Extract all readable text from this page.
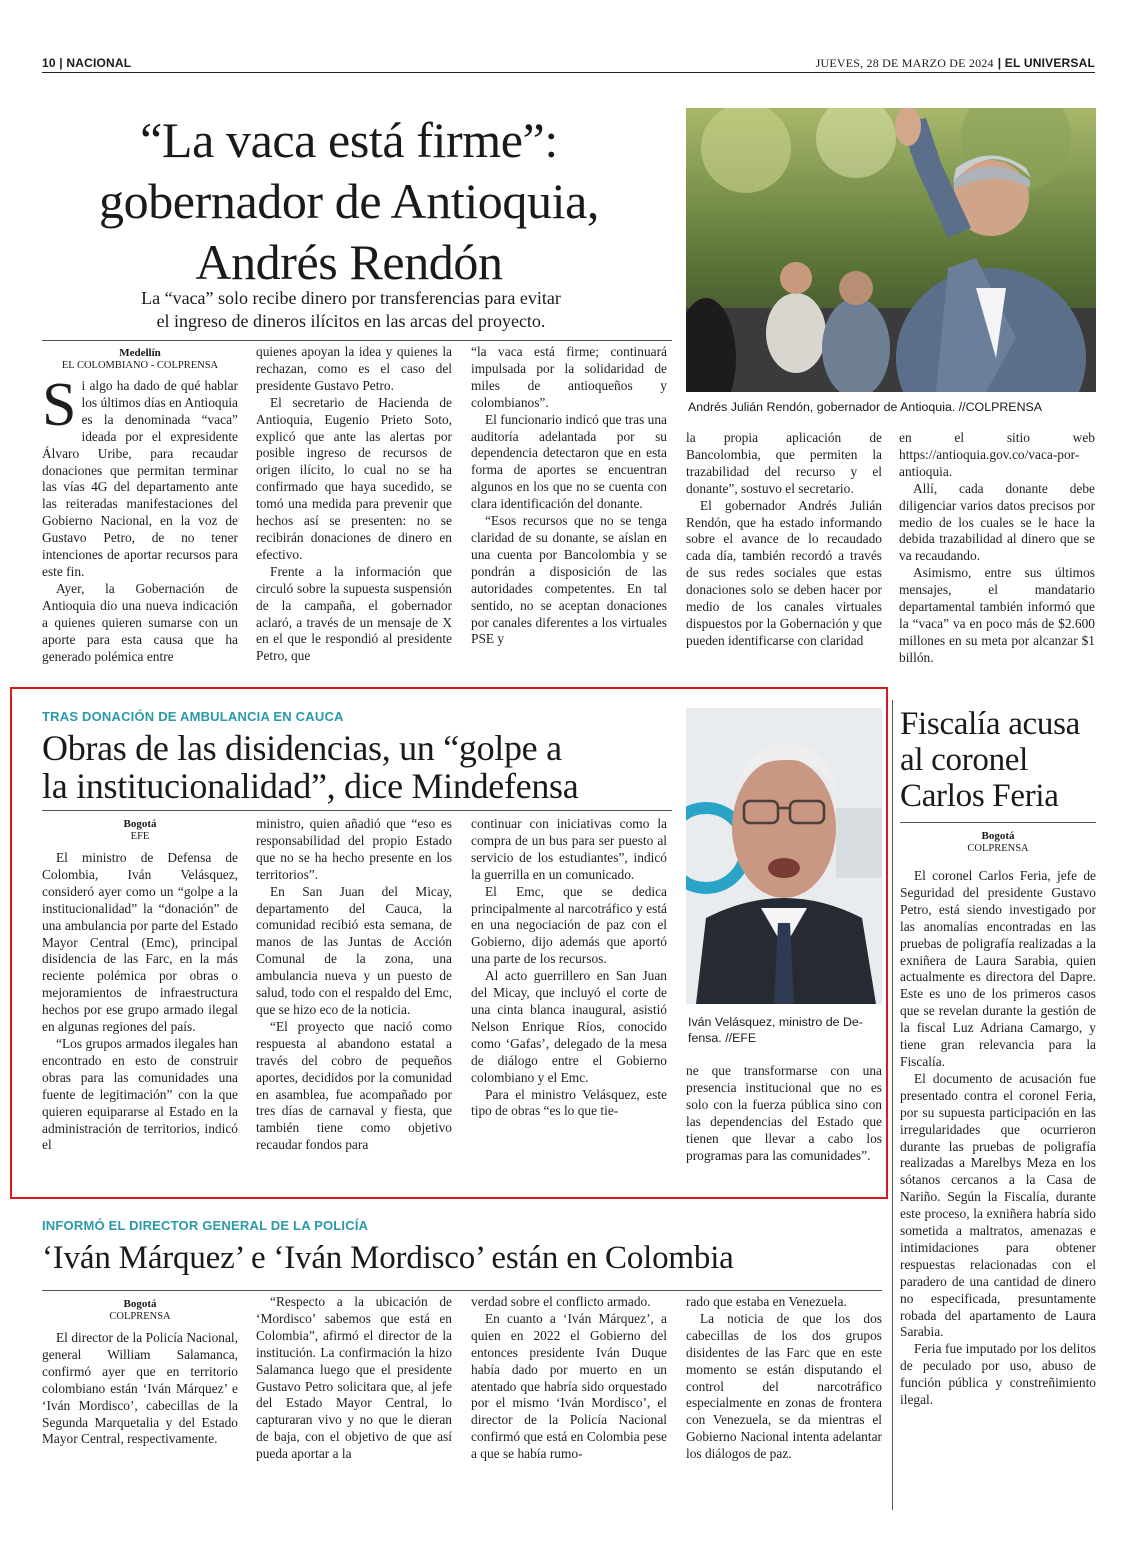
10 | NACIONAL	JUEVES, 28 DE MARZO DE 2024 | EL UNIVERSAL
“La vaca está firme”:
gobernador de Antioquia,
Andrés Rendón
La “vaca” solo recibe dinero por transferencias para evitar
el ingreso de dineros ilícitos en las arcas del proyecto.
Andrés Julián Rendón, gobernador de Antioquia. //COLPRENSA
Medellín
EL COLOMBIANO - COLPRENSA

Si algo ha dado de qué hablar los últimos días en Antioquia es la denominada “vaca” ideada por el expresidente Álvaro Uribe, para recaudar donaciones que permitan terminar las vías 4G del departamento ante las reiteradas manifestaciones del Gobierno Nacional, en la voz de Gustavo Petro, de no tener intenciones de aportar recursos para este fin.

Ayer, la Gobernación de Antioquia dio una nueva indicación a quienes quieren sumarse con un aporte para esta causa que ha generado polémica entre

quienes apoyan la idea y quienes la rechazan, como es el caso del presidente Gustavo Petro.

El secretario de Hacienda de Antioquia, Eugenio Prieto Soto, explicó que ante las alertas por posible ingreso de recursos de origen ilícito, lo cual no se ha confirmado que haya sucedido, se tomó una medida para prevenir que hechos así se presenten: no se recibirán donaciones de dinero en efectivo.

Frente a la información que circuló sobre la supuesta suspensión de la campaña, el gobernador aclaró, a través de un mensaje de X en el que le respondió al presidente Petro, que

“la vaca está firme; continuará impulsada por la solidaridad de miles de antioqueños y colombianos”.

El funcionario indicó que tras una auditoría adelantada por su dependencia detectaron que en esta forma de aportes se encuentran algunos en los que no se cuenta con clara identificación del donante.

“Esos recursos que no se tenga claridad de su donante, se aíslan en una cuenta por Bancolombia y se pondrán a disposición de las autoridades competentes. En tal sentido, no se aceptan donaciones por canales diferentes a los virtuales PSE y

la propia aplicación de Bancolombia, que permiten la trazabilidad del recurso y el donante”, sostuvo el secretario.

El gobernador Andrés Julián Rendón, que ha estado informando sobre el avance de lo recaudado cada día, también recordó a través de sus redes sociales que estas donaciones solo se deben hacer por medio de los canales virtuales dispuestos por la Gobernación y que pueden identificarse con claridad

en el sitio web https://antioquia.gov.co/vaca-por-antioquia.

Allí, cada donante debe diligenciar varios datos precisos por medio de los cuales se le hace la debida trazabilidad al dinero que se va recaudando.

Asimismo, entre sus últimos mensajes, el mandatario departamental también informó que la “vaca” va en poco más de $2.600 millones en su meta por alcanzar $1 billón.

TRAS DONACIÓN DE AMBULANCIA EN CAUCA
Obras de las disidencias, un “golpe a
la institucionalidad”, dice Mindefensa
Iván Velásquez, ministro de De-
fensa. //EFE
Bogotá
EFE

El ministro de Defensa de Colombia, Iván Velásquez, consideró ayer como un “golpe a la institucionalidad” la “donación” de una ambulancia por parte del Estado Mayor Central (Emc), principal disidencia de las Farc, en la más reciente polémica por obras o mejoramientos de infraestructura hechos por ese grupo armado ilegal en algunas regiones del país.

“Los grupos armados ilegales han encontrado en esto de construir obras para las comunidades una fuente de legitimación” con la que quieren equipararse al Estado en la administración de territorios, indicó el

ministro, quien añadió que “eso es responsabilidad del propio Estado que no se ha hecho presente en los territorios”.

En San Juan del Micay, departamento del Cauca, la comunidad recibió esta semana, de manos de las Juntas de Acción Comunal de la zona, una ambulancia nueva y un puesto de salud, todo con el respaldo del Emc, que se hizo eco de la noticia.

“El proyecto que nació como respuesta al abandono estatal a través del cobro de pequeños aportes, decididos por la comunidad en asamblea, fue acompañado por tres días de carnaval y fiesta, que también tiene como objetivo recaudar fondos para

continuar con iniciativas como la compra de un bus para ser puesto al servicio de los estudiantes”, indicó la guerrilla en un comunicado.

El Emc, que se dedica principalmente al narcotráfico y está en una negociación de paz con el Gobierno, dijo además que aportó una parte de los recursos.

Al acto guerrillero en San Juan del Micay, que incluyó el corte de una cinta blanca inaugural, asistió Nelson Enrique Ríos, conocido como ‘Gafas’, delegado de la mesa de diálogo entre el Gobierno colombiano y el Emc.

Para el ministro Velásquez, este tipo de obras “es lo que tie-

ne que transformarse con una presencia institucional que no es solo con la fuerza pública sino con las dependencias del Estado que tienen que llevar a cabo los programas para las comunidades”.

INFORMÓ EL DIRECTOR GENERAL DE LA POLICÍA
‘Iván Márquez’ e ‘Iván Mordisco’ están en Colombia
Bogotá
COLPRENSA

El director de la Policía Nacional, general William Salamanca, confirmó ayer que en territorio colombiano están ‘Iván Márquez’ e ‘Iván Mordisco’, cabecillas de la Segunda Marquetalia y del Estado Mayor Central, respectivamente.

“Respecto a la ubicación de ‘Mordisco’ sabemos que está en Colombia”, afirmó el director de la institución. La confirmación la hizo Salamanca luego que el presidente Gustavo Petro solicitara que, al jefe del Estado Mayor Central, lo capturaran vivo y no que le dieran de baja, con el objetivo de que así pueda aportar a la

verdad sobre el conflicto armado.

En cuanto a ‘Iván Márquez’, a quien en 2022 el Gobierno del entonces presidente Iván Duque había dado por muerto en un atentado que habría sido orquestado por el mismo ‘Iván Mordisco’, el director de la Policía Nacional confirmó que está en Colombia pese a que se había rumo-

rado que estaba en Venezuela.

La noticia de que los dos cabecillas de los dos grupos disidentes de las Farc que en este momento se están disputando el control del narcotráfico especialmente en zonas de frontera con Venezuela, se da mientras el Gobierno Nacional intenta adelantar los diálogos de paz.

Fiscalía acusa
al coronel
Carlos Feria
Bogotá
COLPRENSA

El coronel Carlos Feria, jefe de Seguridad del presidente Gustavo Petro, está siendo investigado por las anomalías encontradas en las pruebas de poligrafía realizadas a la exniñera de Laura Sarabia, quien actualmente es directora del Dapre. Este es uno de los primeros casos que se revelan durante la gestión de la fiscal Luz Adriana Camargo, y tiene gran relevancia para la Fiscalía.

El documento de acusación fue presentado contra el coronel Feria, por su supuesta participación en las irregularidades que ocurrieron durante las pruebas de poligrafía realizadas a Marelbys Meza en los sótanos cercanos a la Casa de Nariño. Según la Fiscalía, durante este proceso, la exniñera habría sido sometida a maltratos, amenazas e intimidaciones para obtener respuestas relacionadas con el paradero de una cantidad de dinero no especificada, presuntamente robada del apartamento de Laura Sarabia.

Feria fue imputado por los delitos de peculado por uso, abuso de función pública y constreñimiento ilegal.
